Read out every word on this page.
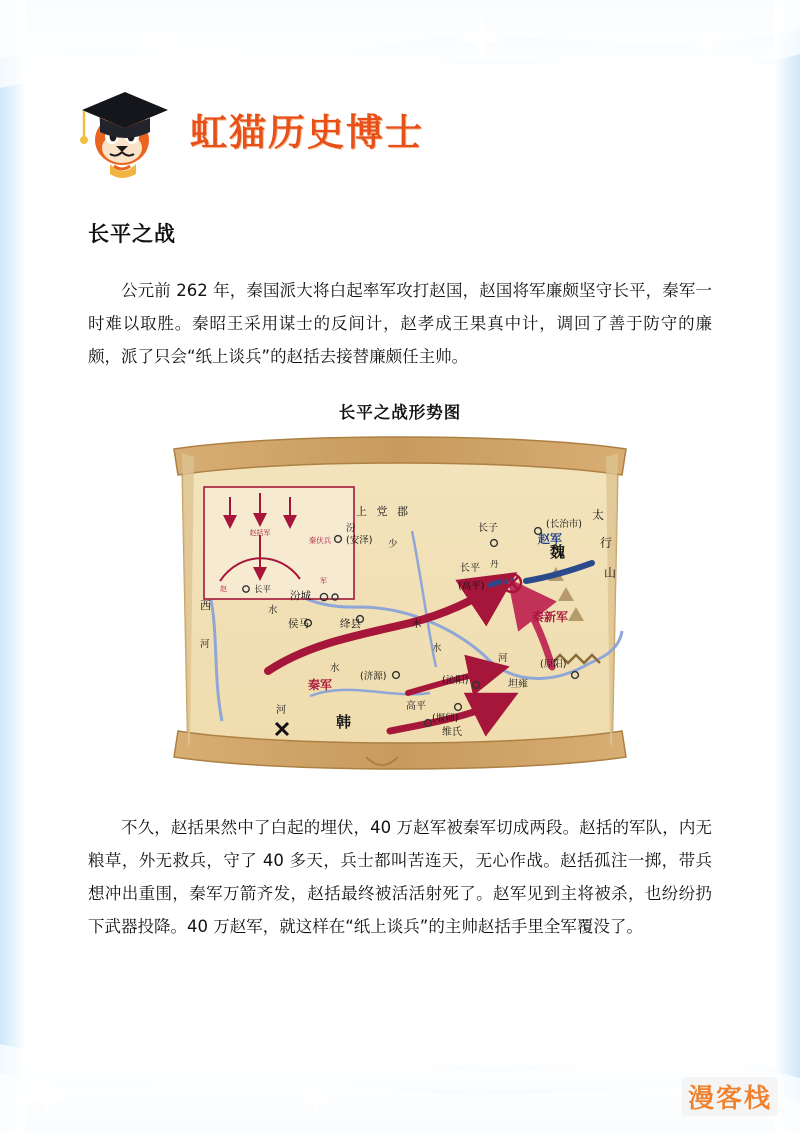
虹猫历史博士
长平之战

公元前 262 年，秦国派大将白起率军攻打赵国，赵国将军廉颇坚守长平，秦军一时难以取胜。秦昭王采用谋士的反间计，赵孝成王果真中计，调回了善于防守的廉颇，派了只会“纸上谈兵”的赵括去接替廉颇任主帅。

长平之战形势图
赵括军
秦伏兵
赵
军
长平
上 党 郡
汾
(安泽) 少
长子	(长治市)
太
行
山
长平
(高平)
丹
汾城
侯马
水
绛县	水
水
水
西
河
河
(济源)	(沁阳)
高平
(堰师)
维氏
(原阳)
坦雍
河
韩
魏
赵军
秦军
秦新军

不久，赵括果然中了白起的埋伏，40 万赵军被秦军切成两段。赵括的军队，内无粮草，外无救兵，守了 40 多天，兵士都叫苦连天，无心作战。赵括孤注一掷，带兵想冲出重围，秦军万箭齐发，赵括最终被活活射死了。赵军见到主将被杀，也纷纷扔下武器投降。40 万赵军，就这样在“纸上谈兵”的主帅赵括手里全军覆没了。

漫客栈
